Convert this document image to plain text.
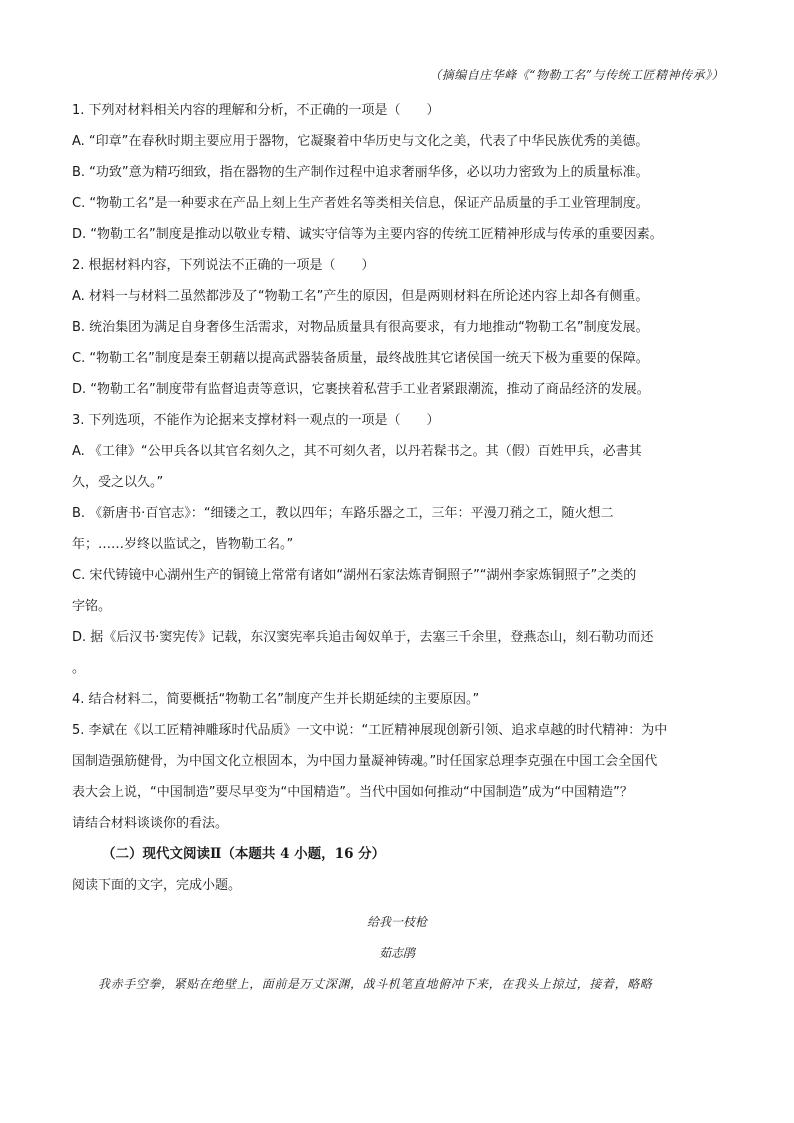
（摘编自庄华峰《“物勒工名”与传统工匠精神传承》）
1. 下列对材料相关内容的理解和分析，不正确的一项是（　　）
A. “印章”在春秋时期主要应用于器物，它凝聚着中华历史与文化之美，代表了中华民族优秀的美德。
B. “功致”意为精巧细致，指在器物的生产制作过程中追求奢丽华侈，必以功力密致为上的质量标准。
C. “物勒工名”是一种要求在产品上刻上生产者姓名等类相关信息，保证产品质量的手工业管理制度。
D. “物勒工名”制度是推动以敬业专精、诚实守信等为主要内容的传统工匠精神形成与传承的重要因素。
2. 根据材料内容，下列说法不正确的一项是（　　）
A. 材料一与材料二虽然都涉及了“物勒工名”产生的原因，但是两则材料在所论述内容上却各有侧重。
B. 统治集团为满足自身奢侈生活需求，对物品质量具有很高要求，有力地推动“物勒工名”制度发展。
C. “物勒工名”制度是秦王朝藉以提高武器装备质量，最终战胜其它诸侯国一统天下极为重要的保障。
D. “物勒工名”制度带有监督追责等意识，它裹挟着私营手工业者紧跟潮流，推动了商品经济的发展。
3. 下列选项，不能作为论据来支撑材料一观点的一项是（　　）
A. 《工律》“公甲兵各以其官名刻久之，其不可刻久者，以丹若髹书之。其（假）百姓甲兵，必書其
久，受之以久。”
B. 《新唐书·百官志》：“细镂之工，教以四年；车路乐器之工，三年：平漫刀矟之工，随火想二
年；……岁终以监试之，皆物勒工名。”
C. 宋代铸镜中心湖州生产的铜镜上常常有诸如“湖州石家法炼青铜照子”“湖州李家炼铜照子”之类的
字铭。
D. 据《后汉书·窦宪传》记载，东汉窦宪率兵追击匈奴单于，去塞三千余里，登燕态山，刻石勒功而还
。
4. 结合材料二，简要概括“物勒工名”制度产生并长期延续的主要原因。”
5. 李斌在《以工匠精神雕琢时代品质》一文中说：“工匠精神展现创新引领、追求卓越的时代精神：为中
国制造强筋健骨，为中国文化立根固本，为中国力量凝神铸魂。”时任国家总理李克强在中国工会全国代
表大会上说，“中国制造”要尽早变为“中国精造”。当代中国如何推动“中国制造”成为“中国精造”？
请结合材料谈谈你的看法。
（二）现代文阅读Ⅱ（本题共 4 小题，16 分）
阅读下面的文字，完成小题。
给我一枝枪
茹志鹃
我赤手空拳，紧贴在绝壁上，面前是万丈深渊，战斗机笔直地俯冲下来，在我头上掠过，接着，略略
